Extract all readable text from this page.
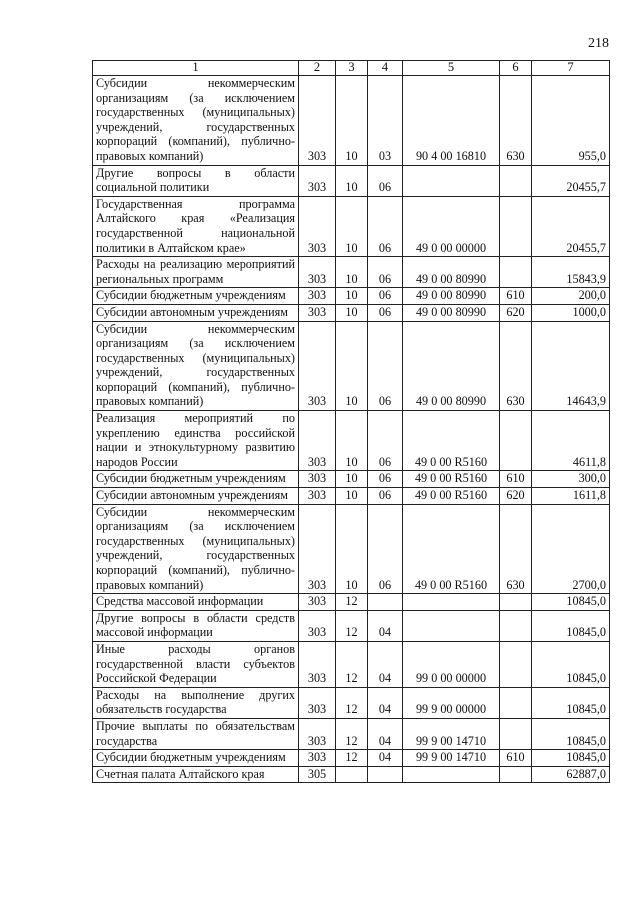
218
1	2	3	4	5	6	7
Субсидии некоммерческим организациям (за исключением государственных (муниципальных) учреждений, государственных корпораций (компаний), публично-правовых компаний)	303	10	03	90 4 00 16810	630	955,0
Другие вопросы в области социальной политики	303	10	06			20455,7
Государственная программа Алтайского края «Реализация государственной национальной политики в Алтайском крае»	303	10	06	49 0 00 00000		20455,7
Расходы на реализацию мероприятий региональных программ	303	10	06	49 0 00 80990		15843,9
Субсидии бюджетным учреждениям	303	10	06	49 0 00 80990	610	200,0
Субсидии автономным учреждениям	303	10	06	49 0 00 80990	620	1000,0
Субсидии некоммерческим организациям (за исключением государственных (муниципальных) учреждений, государственных корпораций (компаний), публично-правовых компаний)	303	10	06	49 0 00 80990	630	14643,9
Реализация мероприятий по укреплению единства российской нации и этнокультурному развитию народов России	303	10	06	49 0 00 R5160		4611,8
Субсидии бюджетным учреждениям	303	10	06	49 0 00 R5160	610	300,0
Субсидии автономным учреждениям	303	10	06	49 0 00 R5160	620	1611,8
Субсидии некоммерческим организациям (за исключением государственных (муниципальных) учреждений, государственных корпораций (компаний), публично-правовых компаний)	303	10	06	49 0 00 R5160	630	2700,0
Средства массовой информации	303	12				10845,0
Другие вопросы в области средств массовой информации	303	12	04			10845,0
Иные расходы органов государственной власти субъектов Российской Федерации	303	12	04	99 0 00 00000		10845,0
Расходы на выполнение других обязательств государства	303	12	04	99 9 00 00000		10845,0
Прочие выплаты по обязательствам государства	303	12	04	99 9 00 14710		10845,0
Субсидии бюджетным учреждениям	303	12	04	99 9 00 14710	610	10845,0
Счетная палата Алтайского края	305					62887,0
